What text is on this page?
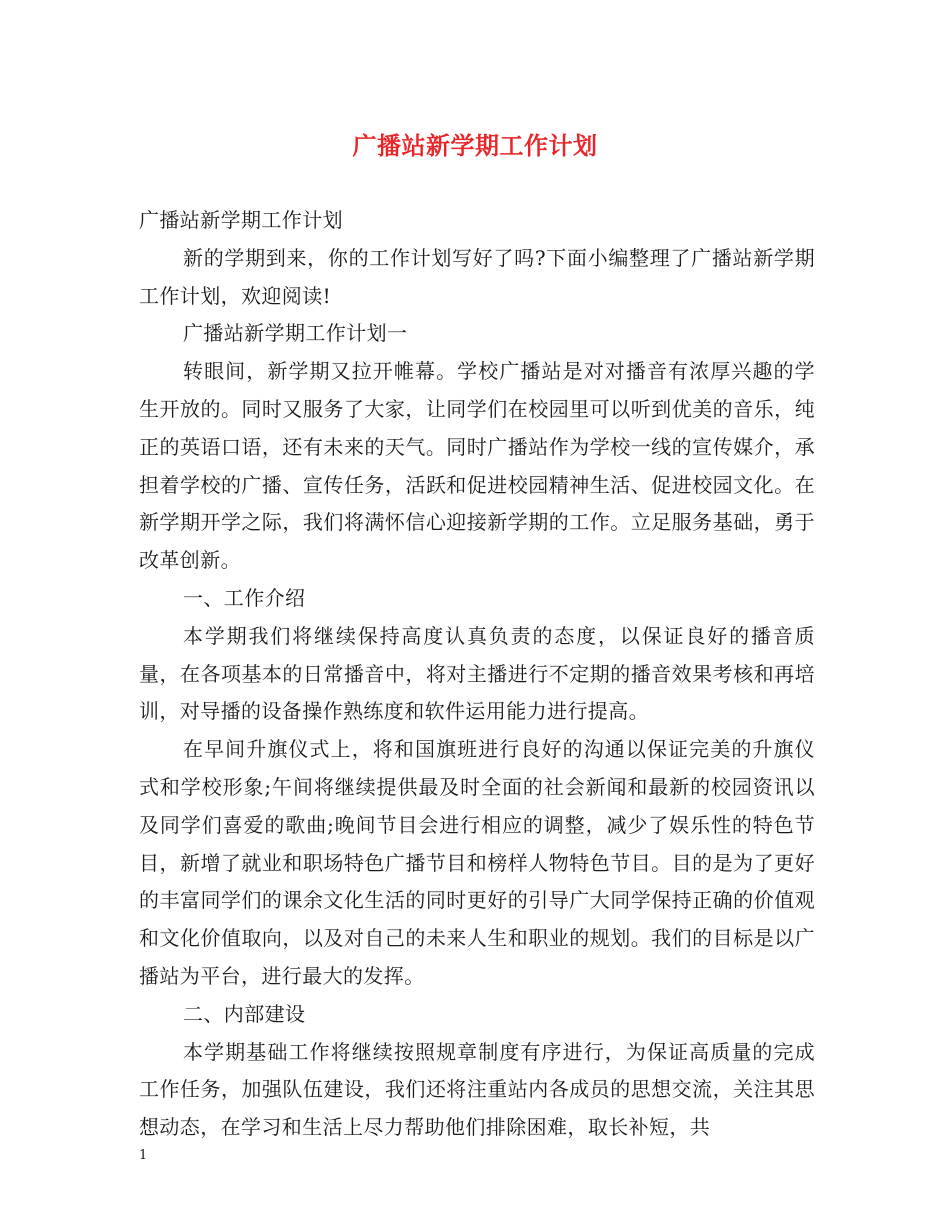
广播站新学期工作计划

广播站新学期工作计划

新的学期到来，你的工作计划写好了吗?下面小编整理了广播站新学期工作计划，欢迎阅读!

广播站新学期工作计划一

转眼间，新学期又拉开帷幕。学校广播站是对对播音有浓厚兴趣的学生开放的。同时又服务了大家，让同学们在校园里可以听到优美的音乐，纯正的英语口语，还有未来的天气。同时广播站作为学校一线的宣传媒介，承担着学校的广播、宣传任务，活跃和促进校园精神生活、促进校园文化。在新学期开学之际，我们将满怀信心迎接新学期的工作。立足服务基础，勇于改革创新。

一、工作介绍

本学期我们将继续保持高度认真负责的态度，以保证良好的播音质量，在各项基本的日常播音中，将对主播进行不定期的播音效果考核和再培训，对导播的设备操作熟练度和软件运用能力进行提高。

在早间升旗仪式上，将和国旗班进行良好的沟通以保证完美的升旗仪式和学校形象;午间将继续提供最及时全面的社会新闻和最新的校园资讯以及同学们喜爱的歌曲;晚间节目会进行相应的调整，减少了娱乐性的特色节目，新增了就业和职场特色广播节目和榜样人物特色节目。目的是为了更好的丰富同学们的课余文化生活的同时更好的引导广大同学保持正确的价值观和文化价值取向，以及对自己的未来人生和职业的规划。我们的目标是以广播站为平台，进行最大的发挥。

二、内部建设

本学期基础工作将继续按照规章制度有序进行，为保证高质量的完成工作任务，加强队伍建设，我们还将注重站内各成员的思想交流，关注其思想动态，在学习和生活上尽力帮助他们排除困难，取长补短，共

1
